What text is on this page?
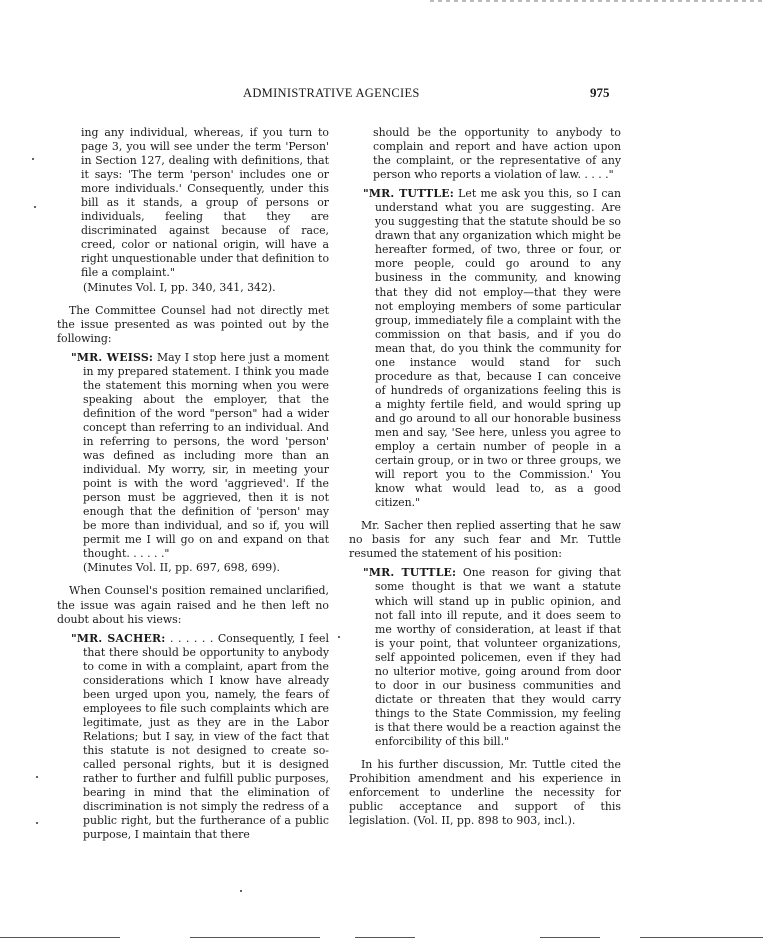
ADMINISTRATIVE AGENCIES	975

ing any individual, whereas, if you turn to page 3, you will see under the term 'Person' in Section 127, dealing with definitions, that it says: 'The term 'person' includes one or more individuals.' Consequently, under this bill as it stands, a group of persons or individuals, feeling that they are discriminated against because of race, creed, color or national origin, will have a right unquestionable under that definition to file a complaint."

(Minutes Vol. I, pp. 340, 341, 342).

The Committee Counsel had not directly met the issue presented as was pointed out by the following:

"MR. WEISS: May I stop here just a moment in my prepared statement. I think you made the statement this morning when you were speaking about the employer, that the definition of the word "person" had a wider concept than referring to an individual. And in referring to persons, the word 'person' was defined as including more than an individual. My worry, sir, in meeting your point is with the word 'aggrieved'. If the person must be aggrieved, then it is not enough that the definition of 'person' may be more than individual, and so if, you will permit me I will go on and expand on that thought. . . . . ."

(Minutes Vol. II, pp. 697, 698, 699).

When Counsel's position remained unclarified, the issue was again raised and he then left no doubt about his views:

"MR. SACHER: . . . . . . Consequently, I feel that there should be opportunity to anybody to come in with a complaint, apart from the considerations which I know have already been urged upon you, namely, the fears of employees to file such complaints which are legitimate, just as they are in the Labor Relations; but I say, in view of the fact that this statute is not designed to create so-called personal rights, but it is designed rather to further and fulfill public purposes, bearing in mind that the elimination of discrimination is not simply the redress of a public right, but the furtherance of a public purpose, I maintain that there

should be the opportunity to anybody to complain and report and have action upon the complaint, or the representative of any person who reports a violation of law. . . . ."

"MR. TUTTLE: Let me ask you this, so I can understand what you are suggesting. Are you suggesting that the statute should be so drawn that any organization which might be hereafter formed, of two, three or four, or more people, could go around to any business in the community, and knowing that they did not employ—that they were not employing members of some particular group, immediately file a complaint with the commission on that basis, and if you do mean that, do you think the community for one instance would stand for such procedure as that, because I can conceive of hundreds of organizations feeling this is a mighty fertile field, and would spring up and go around to all our honorable business men and say, 'See here, unless you agree to employ a certain number of people in a certain group, or in two or three groups, we will report you to the Commission.' You know what would lead to, as a good citizen."

Mr. Sacher then replied asserting that he saw no basis for any such fear and Mr. Tuttle resumed the statement of his position:

"MR. TUTTLE: One reason for giving that some thought is that we want a statute which will stand up in public opinion, and not fall into ill repute, and it does seem to me worthy of consideration, at least if that is your point, that volunteer organizations, self appointed policemen, even if they had no ulterior motive, going around from door to door in our business communities and dictate or threaten that they would carry things to the State Commission, my feeling is that there would be a reaction against the enforcibility of this bill."

In his further discussion, Mr. Tuttle cited the Prohibition amendment and his experience in enforcement to underline the necessity for public acceptance and support of this legislation. (Vol. II, pp. 898 to 903, incl.).
